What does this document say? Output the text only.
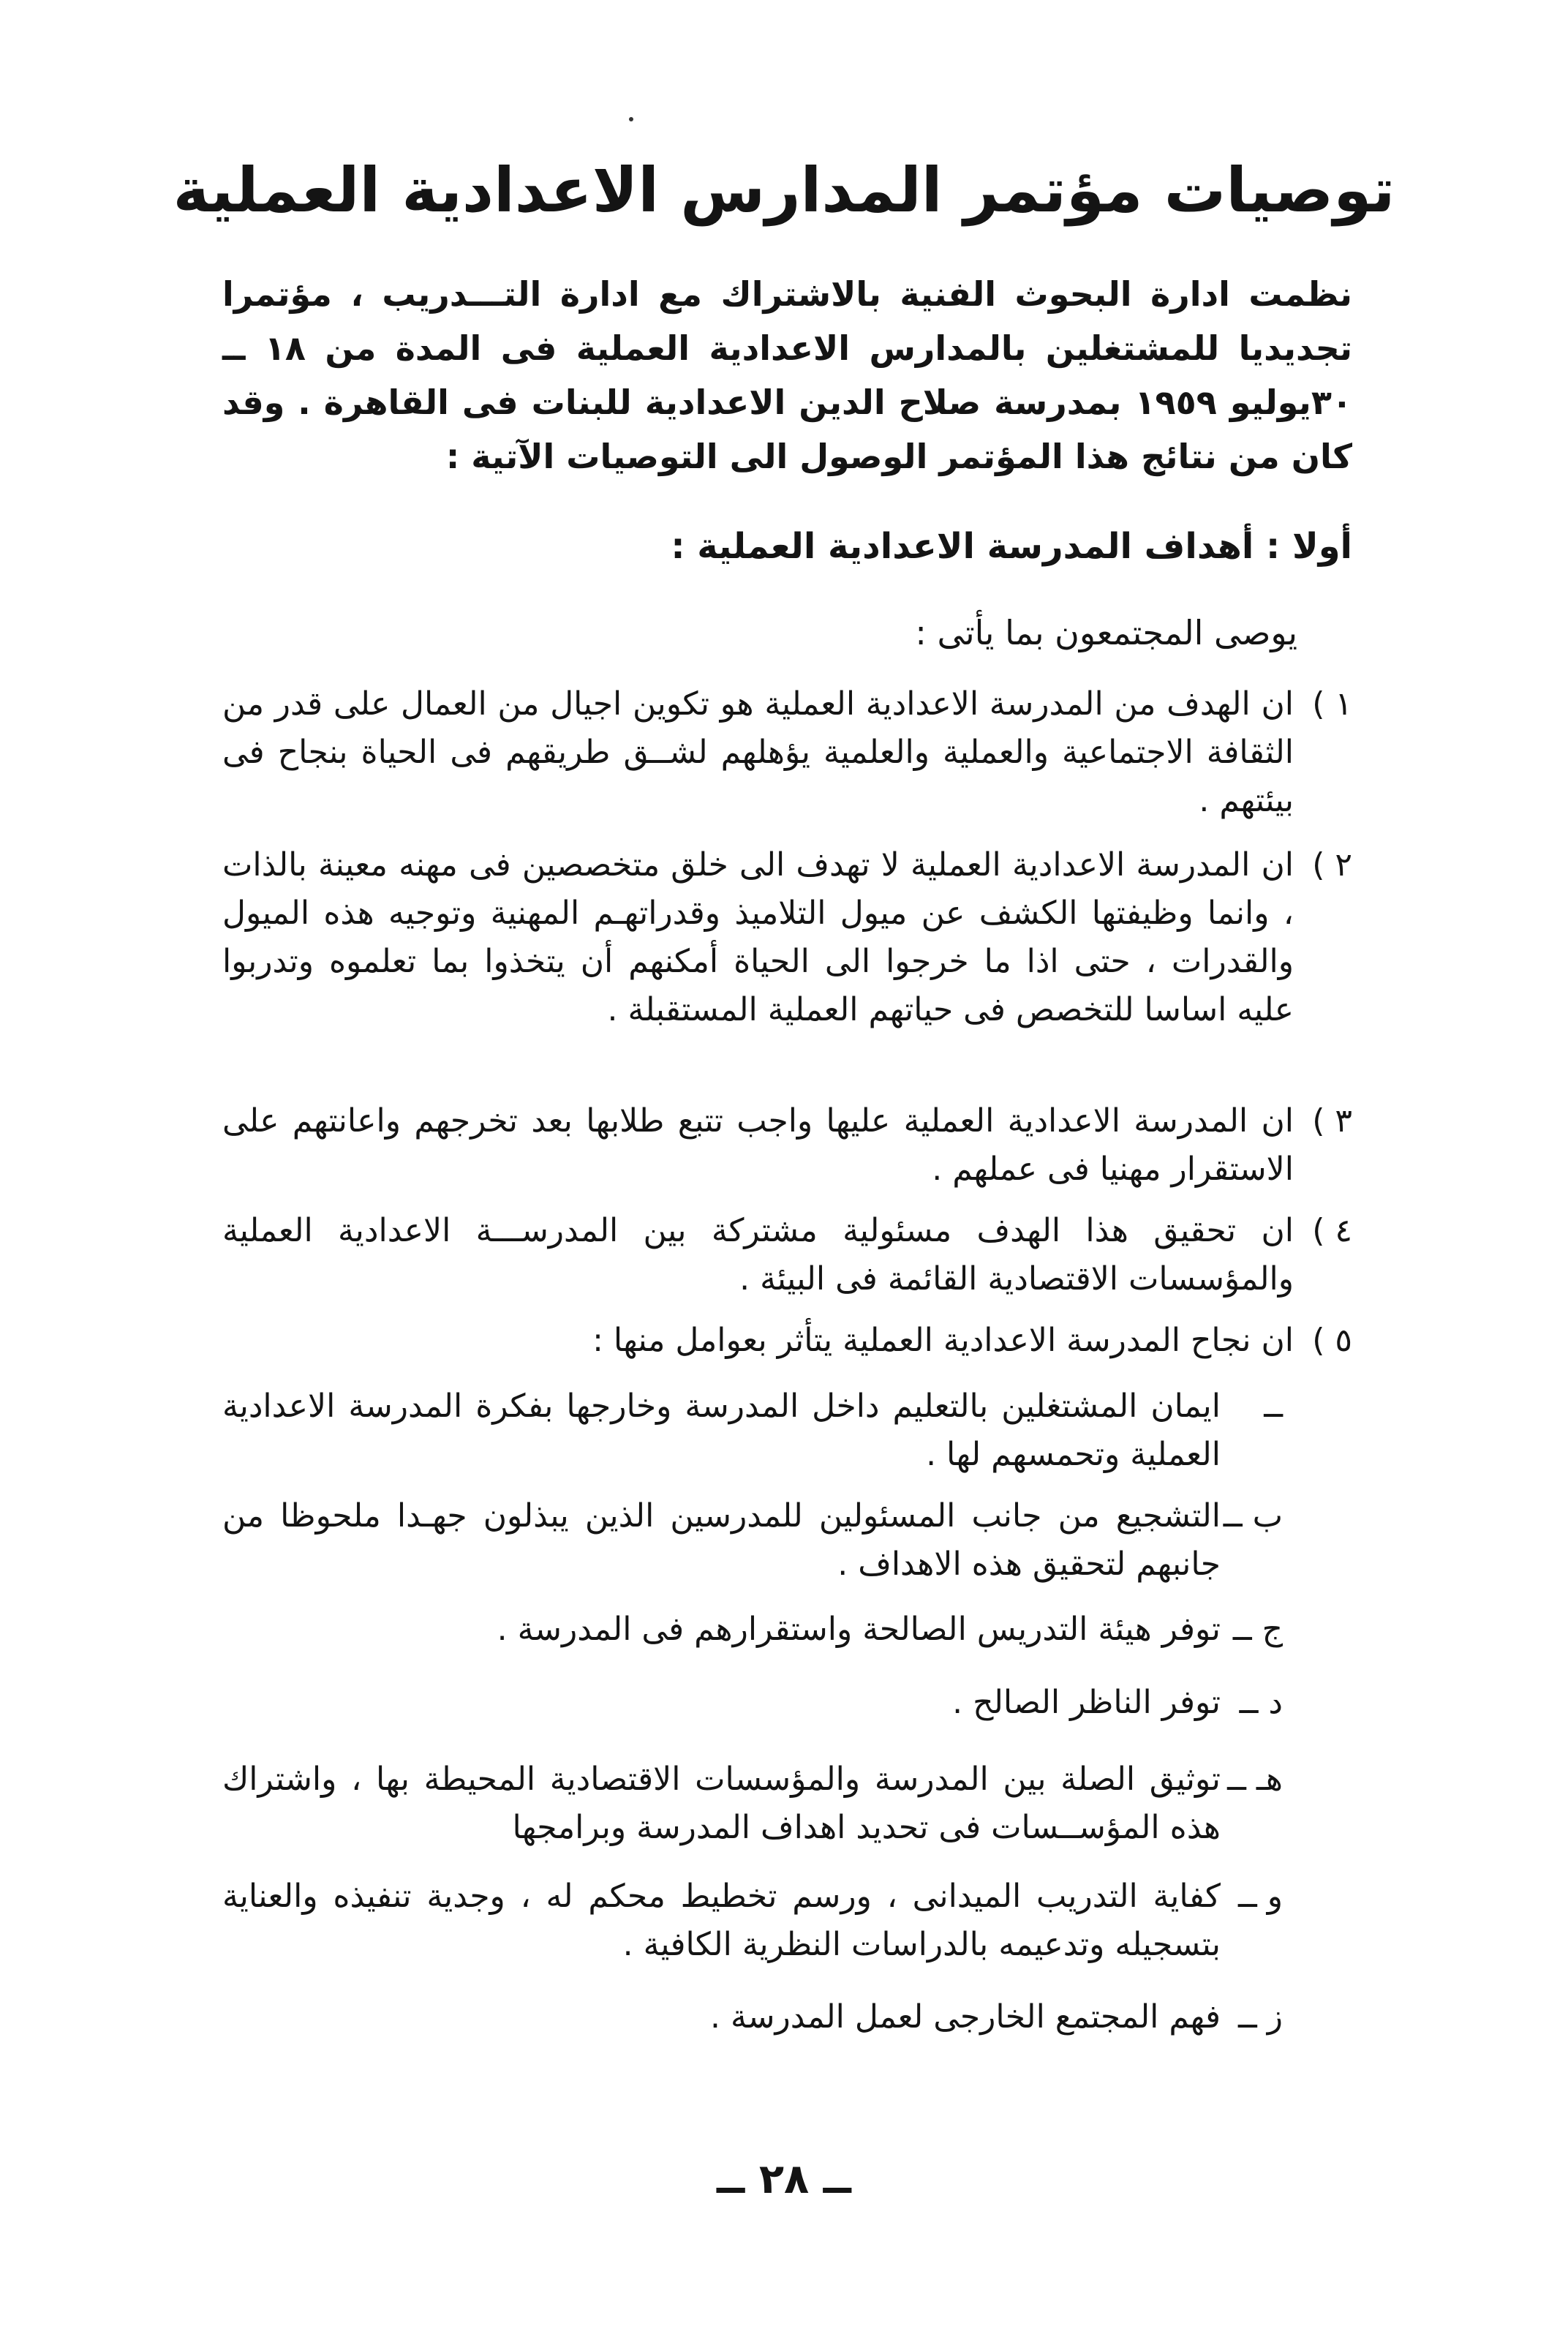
توصيات مؤتمر المدارس الاعدادية العملية

نظمت ادارة البحوث الفنية بالاشتراك مع ادارة التـــدريب ، مؤتمرا تجديديا للمشتغلين بالمدارس الاعدادية العملية فى المدة من ١٨ ــ ٣٠يوليو ١٩٥٩ بمدرسة صلاح الدين الاعدادية للبنات فى القاهرة . وقد كان من نتائج هذا المؤتمر الوصول الى التوصيات الآتية :

أولا : أهداف المدرسة الاعدادية العملية :

يوصى المجتمعون بما يأتى :

١ )
ان الهدف من المدرسة الاعدادية العملية هو تكوين اجيال من العمال على قدر من الثقافة الاجتماعية والعملية والعلمية يؤهلهم لشــق طريقهم فى الحياة بنجاح فى بيئتهم .
٢ )
ان المدرسة الاعدادية العملية لا تهدف الى خلق متخصصين فى مهنه معينة بالذات ، وانما وظيفتها الكشف عن ميول التلاميذ وقدراتهـم المهنية وتوجيه هذه الميول والقدرات ، حتى اذا ما خرجوا الى الحياة أمكنهم أن يتخذوا بما تعلموه وتدربوا عليه اساسا للتخصص فى حياتهم العملية المستقبلة .
٣ )
ان المدرسة الاعدادية العملية عليها واجب تتبع طلابها بعد تخرجهم واعانتهم على الاستقرار مهنيا فى عملهم .
٤ )
ان تحقيق هذا الهدف مسئولية مشتركة بين المدرســـة الاعدادية العملية والمؤسسات الاقتصادية القائمة فى البيئة .
٥ )
ان نجاح المدرسة الاعدادية العملية يتأثر بعوامل منها :
ــ
ايمان المشتغلين بالتعليم داخل المدرسة وخارجها بفكرة المدرسة الاعدادية العملية وتحمسهم لها .
ب ــ
التشجيع من جانب المسئولين للمدرسين الذين يبذلون جهـدا ملحوظا من جانبهم لتحقيق هذه الاهداف .
ج ــ
توفر هيئة التدريس الصالحة واستقرارهم فى المدرسة .
د ــ
توفر الناظر الصالح .
هـ ــ
توثيق الصلة بين المدرسة والمؤسسات الاقتصادية المحيطة بها ، واشتراك هذه المؤســسات فى تحديد اهداف المدرسة وبرامجها
و ــ
كفاية التدريب الميدانى ، ورسم تخطيط محكم له ، وجدية تنفيذه والعناية بتسجيله وتدعيمه بالدراسات النظرية الكافية .
ز ــ
فهم المجتمع الخارجى لعمل المدرسة .
ــ ٢٨ ــ
